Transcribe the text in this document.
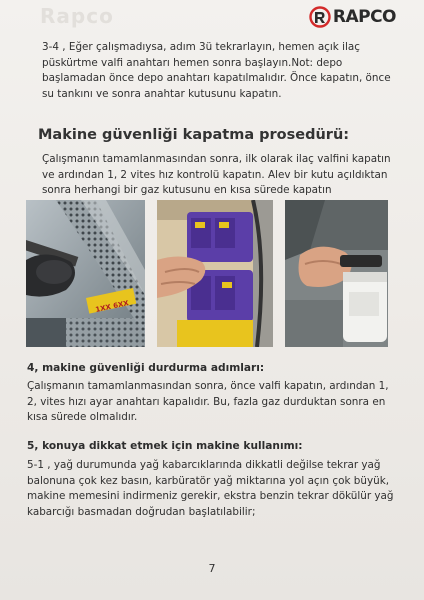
Rapco	RAPCO
3-4 , Eğer çalışmadıysa, adım 3ü tekrarlayın, hemen açık ilaç püskürtme valfi anahtarı hemen sonra başlayın.Not: depo başlamadan önce depo anahtarı kapatılmalıdır. Önce kapatın, önce su tankını ve sonra anahtar kutusunu kapatın.
Makine güvenliği kapatma prosedürü:
Çalışmanın tamamlanmasından sonra, ilk olarak ilaç valfini kapatın ve ardından 1, 2 vites hız kontrolü kapatın. Alev bir kutu açıldıktan sonra herhangi bir gaz kutusunu en kısa sürede kapatın
1XX 6XX
4, makine güvenliği durdurma adımları:
Çalışmanın tamamlanmasından sonra, önce valfi kapatın, ardından 1, 2, vites hızı ayar anahtarı kapalıdır. Bu, fazla gaz durduktan sonra en kısa sürede olmalıdır.
5, konuya dikkat etmek için makine kullanımı:
5-1 , yağ durumunda yağ kabarcıklarında dikkatli değilse tekrar yağ balonuna çok kez basın, karbüratör yağ miktarına yol açın çok büyük, makine memesini indirmeniz gerekir, ekstra benzin tekrar dökülür yağ kabarcığı basmadan doğrudan başlatılabilir;
7
